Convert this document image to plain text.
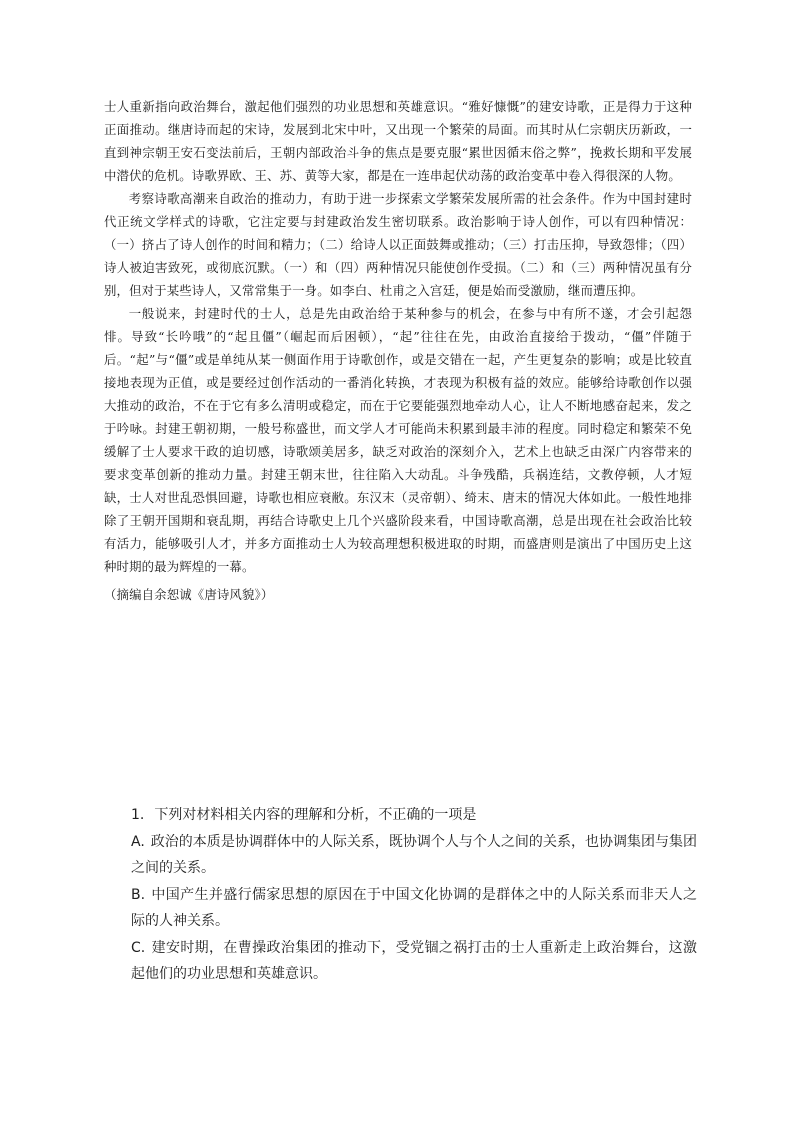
士人重新指向政治舞台，激起他们强烈的功业思想和英雄意识。“雅好慷慨”的建安诗歌，正是得力于这种正面推动。继唐诗而起的宋诗，发展到北宋中叶，又出现一个繁荣的局面。而其时从仁宗朝庆历新政，一直到神宗朝王安石变法前后，王朝内部政治斗争的焦点是要克服“累世因循末俗之弊”，挽救长期和平发展中潜伏的危机。诗歌界欧、王、苏、黄等大家，都是在一连串起伏动荡的政治变革中卷入得很深的人物。

考察诗歌高潮来自政治的推动力，有助于进一步探索文学繁荣发展所需的社会条件。作为中国封建时代正统文学样式的诗歌，它注定要与封建政治发生密切联系。政治影响于诗人创作，可以有四种情况：（一）挤占了诗人创作的时间和精力；（二）给诗人以正面鼓舞或推动；（三）打击压抑，导致怨悱；（四）诗人被迫害致死，或彻底沉默。（一）和（四）两种情况只能使创作受损。（二）和（三）两种情况虽有分别，但对于某些诗人，又常常集于一身。如李白、杜甫之入宫廷，便是始而受激励，继而遭压抑。

一般说来，封建时代的士人，总是先由政治给于某种参与的机会，在参与中有所不遂，才会引起怨悱。导致“长吟哦”的“起且僵”（崛起而后困顿），“起”往往在先，由政治直接给于拨动，“僵”伴随于后。“起”与“僵”或是单纯从某一侧面作用于诗歌创作，或是交错在一起，产生更复杂的影响；或是比较直接地表现为正值，或是要经过创作活动的一番消化转换，才表现为积极有益的效应。能够给诗歌创作以强大推动的政治，不在于它有多么清明或稳定，而在于它要能强烈地牵动人心，让人不断地感奋起来，发之于吟咏。封建王朝初期，一般号称盛世，而文学人才可能尚未积累到最丰沛的程度。同时稳定和繁荣不免缓解了士人要求干政的迫切感，诗歌颂美居多，缺乏对政治的深刻介入，艺术上也缺乏由深广内容带来的要求变革创新的推动力量。封建王朝末世，往往陷入大动乱。斗争残酷，兵祸连结，文教停顿，人才短缺，士人对世乱恐惧回避，诗歌也相应衰敝。东汉末（灵帝朝）、绮末、唐末的情况大体如此。一般性地排除了王朝开国期和衰乱期，再结合诗歌史上几个兴盛阶段来看，中国诗歌高潮，总是出现在社会政治比较有活力，能够吸引人才，并多方面推动士人为较高理想积极进取的时期，而盛唐则是演出了中国历史上这种时期的最为辉煌的一幕。

（摘编自余恕诚《唐诗风貌》）

1. 下列对材料相关内容的理解和分析，不正确的一项是

A. 政治的本质是协调群体中的人际关系，既协调个人与个人之间的关系，也协调集团与集团之间的关系。

B. 中国产生并盛行儒家思想的原因在于中国文化协调的是群体之中的人际关系而非天人之际的人神关系。

C. 建安时期，在曹操政治集团的推动下，受党锢之祸打击的士人重新走上政治舞台，这激起他们的功业思想和英雄意识。
